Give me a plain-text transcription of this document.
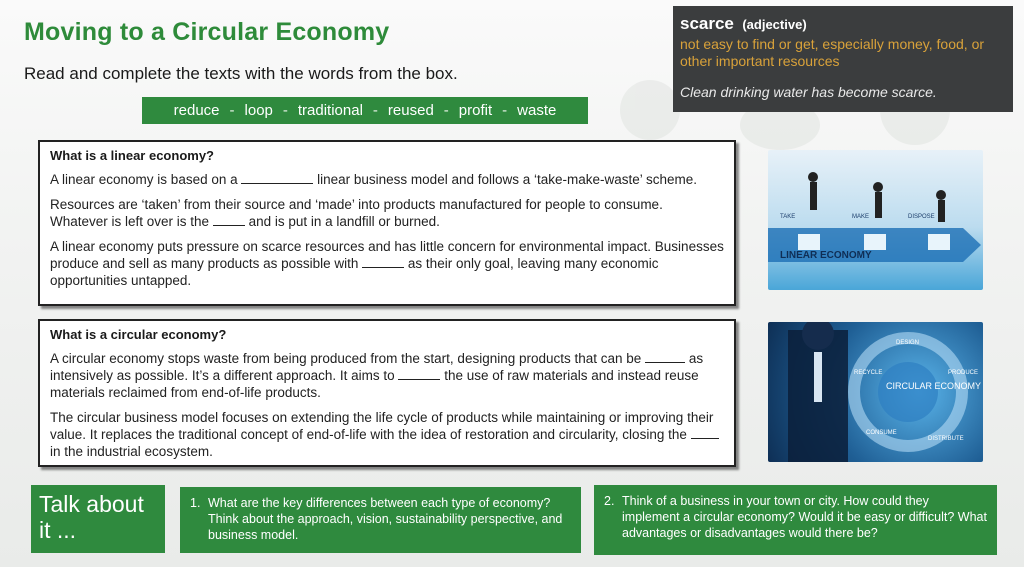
Moving to a Circular Economy
Read and complete the texts with the words from the box.
reduce - loop - traditional - reused - profit - waste
scarce (adjective)
not easy to find or get, especially money, food, or other important resources
Clean drinking water has become scarce.
What is a linear economy?

A linear economy is based on a	linear business model and follows a ‘take-make-waste’ scheme.

Resources are ‘taken’ from their source and ‘made’ into products manufactured for people to consume. Whatever is left over is the  and is put in a landfill or burned.

A linear economy puts pressure on scarce resources and has little concern for environmental impact. Businesses produce and sell as many products as possible with	as their only goal, leaving many economic opportunities untapped.

What is a circular economy?

A circular economy stops waste from being produced from the start, designing products that can be	as intensively as possible. It’s a different approach. It aims to	the use of raw materials and instead reuse materials reclaimed from end-of-life products.

The circular business model focuses on extending the life cycle of products while maintaining or improving their value. It replaces the traditional concept of end-of-life with the idea of restoration and circularity, closing the  in the industrial ecosystem.

TAKE	MAKE	DISPOSE
LINEAR ECONOMY
CIRCULAR ECONOMY
DESIGN
PRODUCE
DISTRIBUTE
CONSUME
RECYCLE
Talk about it ...
1. What are the key differences between each type of economy? Think about the approach, vision, sustainability perspective, and business model.
2. Think of a business in your town or city. How could they implement a circular economy? Would it be easy or difficult? What advantages or disadvantages would there be?
